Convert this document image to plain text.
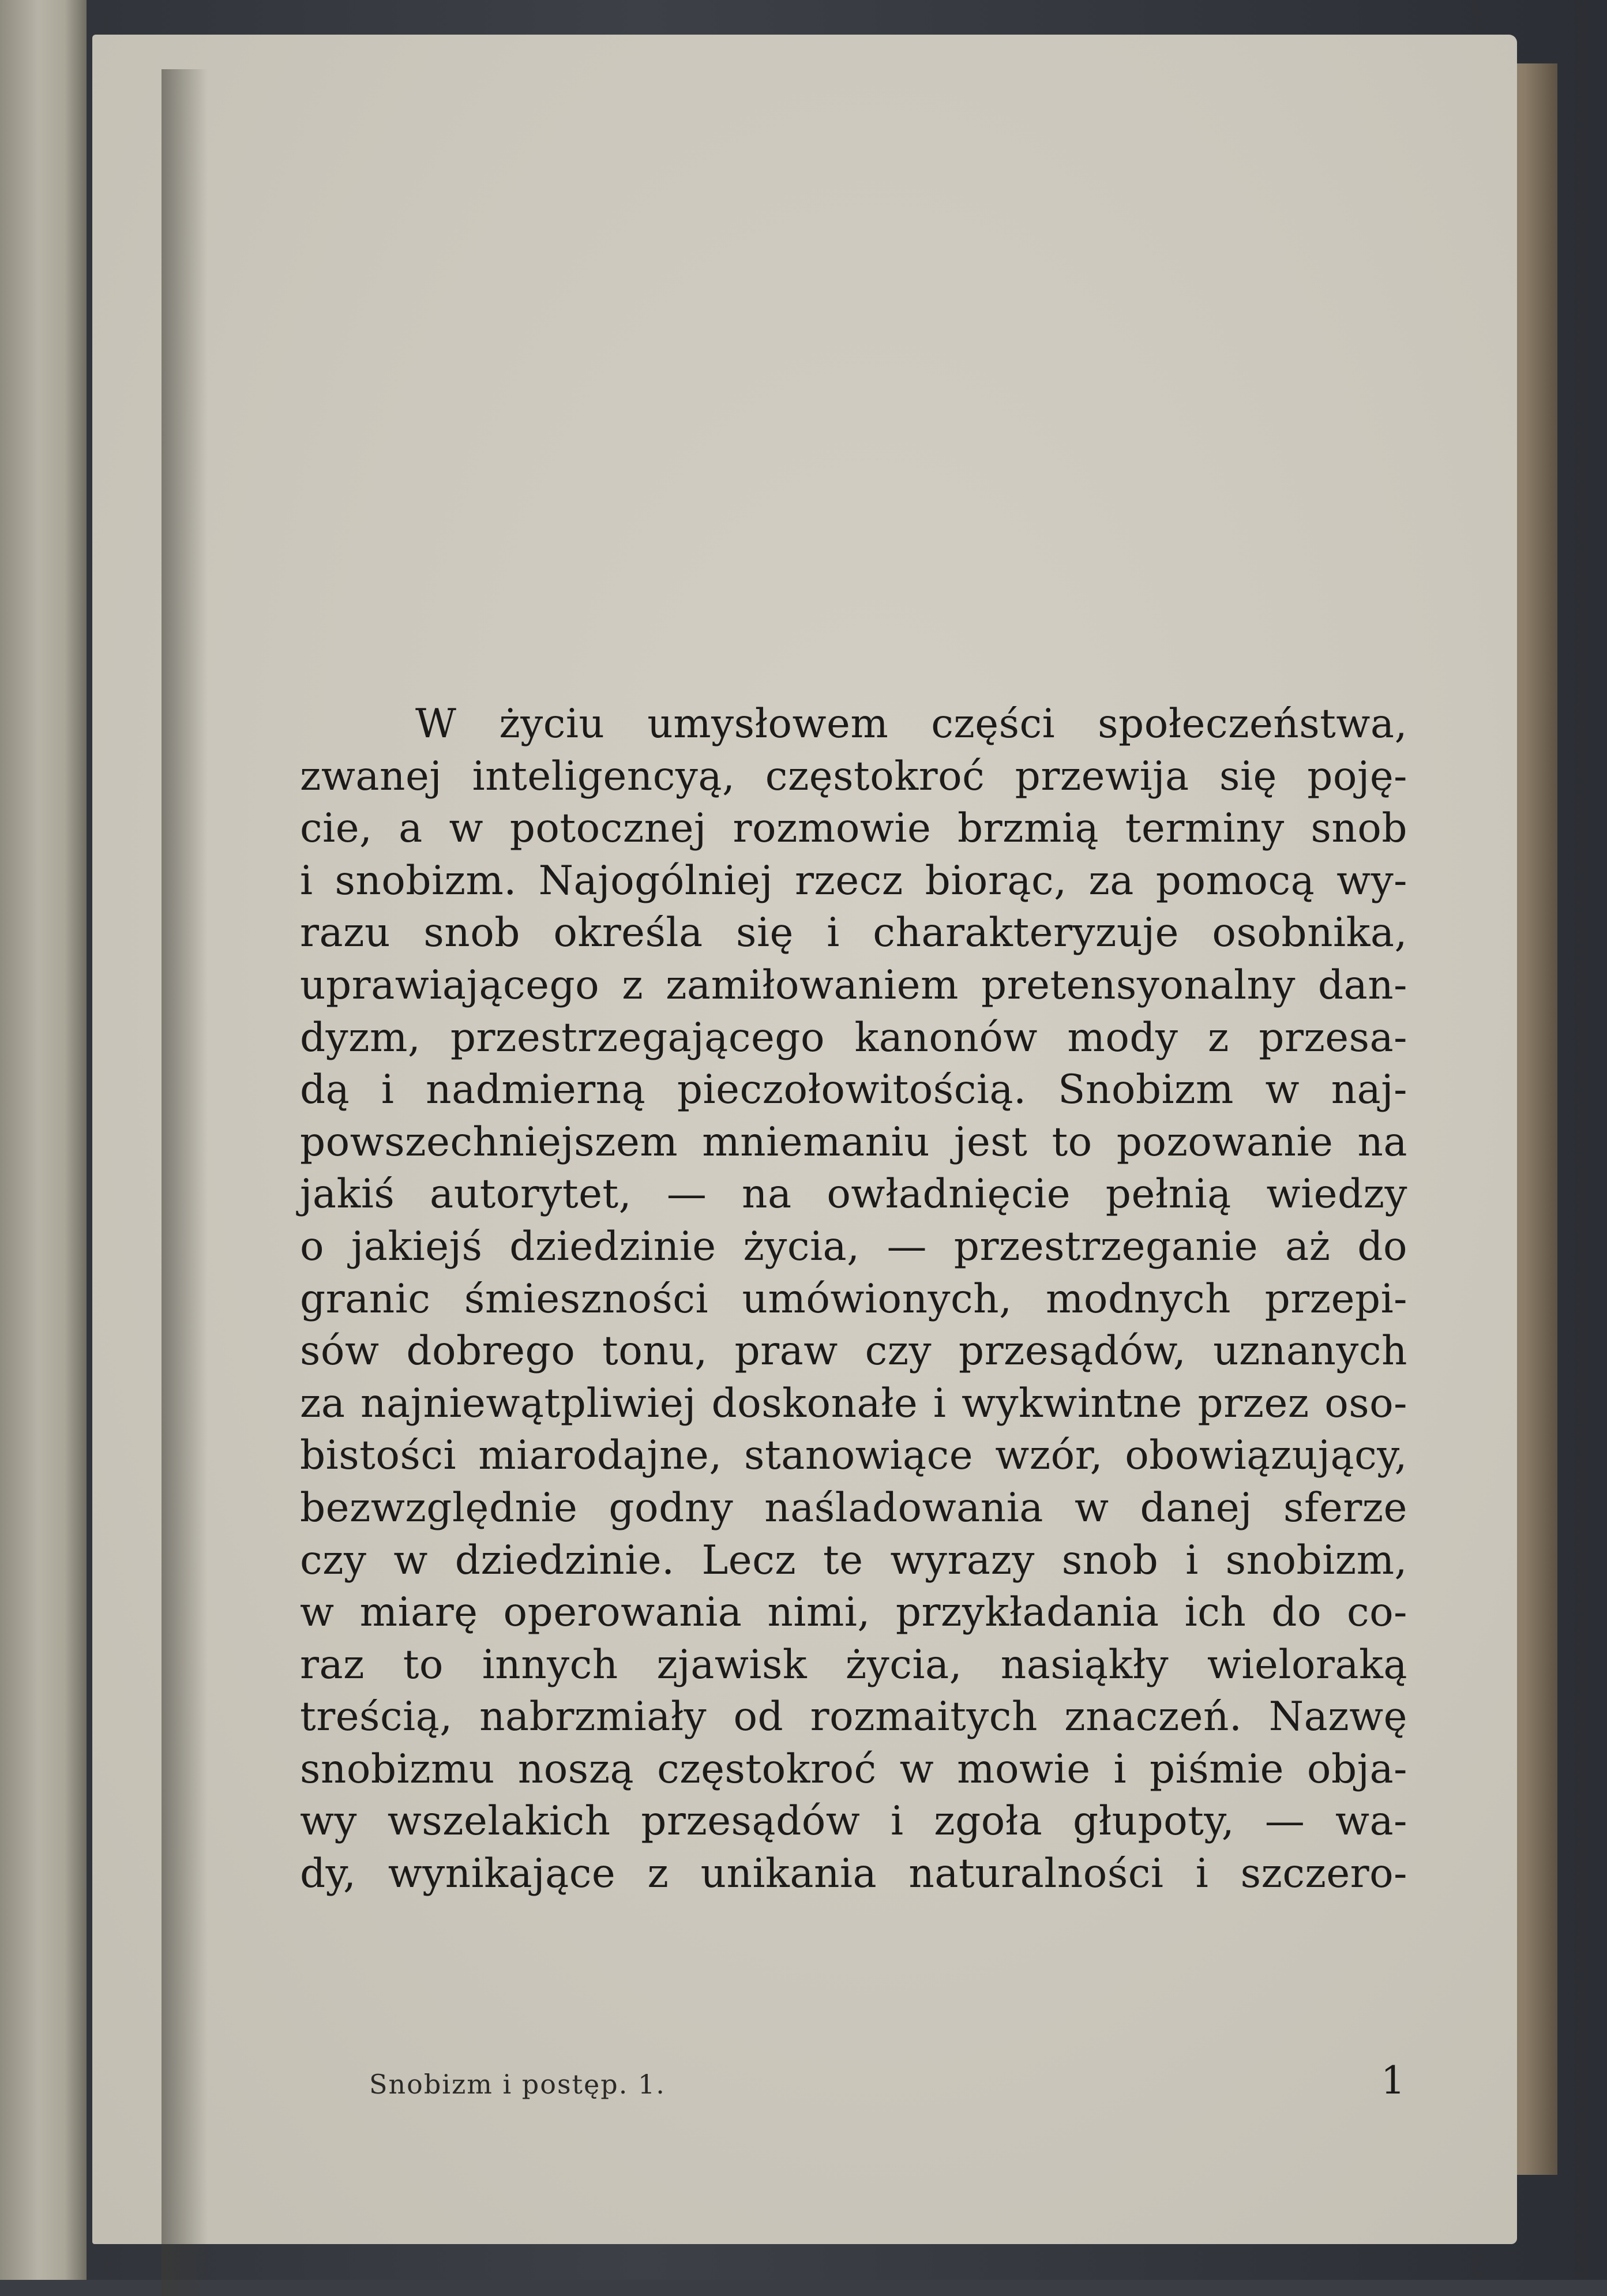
W życiu umysłowem części społeczeństwa,
zwanej inteligencyą, częstokroć przewija się poję-
cie, a w potocznej rozmowie brzmią terminy snob
i snobizm. Najogólniej rzecz biorąc, za pomocą wy-
razu snob określa się i charakteryzuje osobnika,
uprawiającego z zamiłowaniem pretensyonalny dan-
dyzm, przestrzegającego kanonów mody z przesa-
dą i nadmierną pieczołowitością. Snobizm w naj-
powszechniejszem mniemaniu jest to pozowanie na
jakiś autorytet, — na owładnięcie pełnią wiedzy
o jakiejś dziedzinie życia, — przestrzeganie aż do
granic śmieszności umówionych, modnych przepi-
sów dobrego tonu, praw czy przesądów, uznanych
za najniewątpliwiej doskonałe i wykwintne przez oso-
bistości miarodajne, stanowiące wzór, obowiązujący,
bezwzględnie godny naśladowania w danej sferze
czy w dziedzinie. Lecz te wyrazy snob i snobizm,
w miarę operowania nimi, przykładania ich do co-
raz to innych zjawisk życia, nasiąkły wieloraką
treścią, nabrzmiały od rozmaitych znaczeń. Nazwę
snobizmu noszą częstokroć w mowie i piśmie obja-
wy wszelakich przesądów i zgoła głupoty, — wa-
dy, wynikające z unikania naturalności i szczero-
Snobizm i postęp. 1.	1
